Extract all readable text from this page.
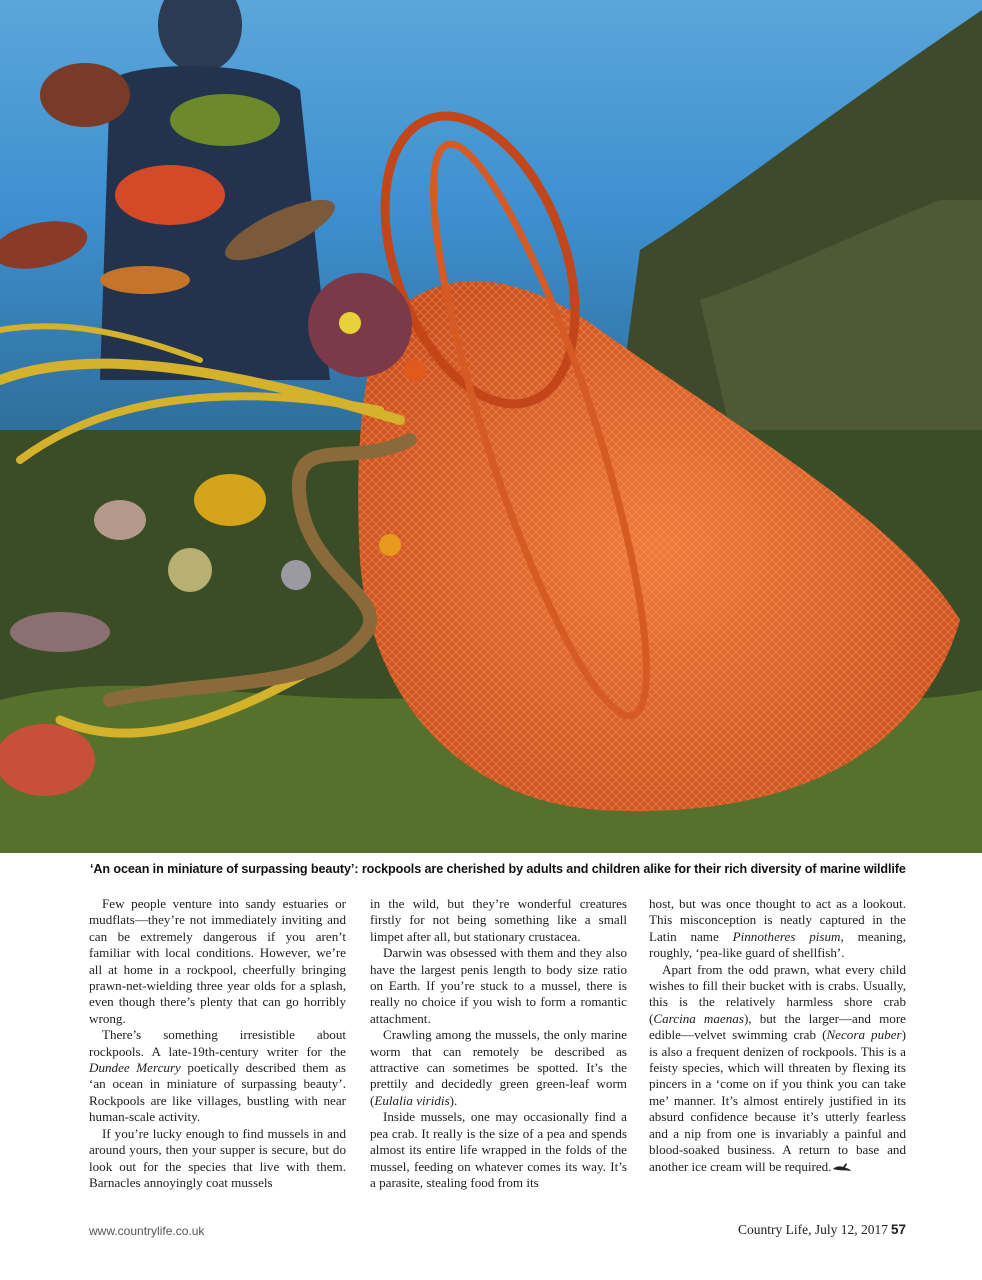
‘An ocean in miniature of surpassing beauty’: rockpools are cherished by adults and children alike for their rich diversity of marine wildlife

Few people venture into sandy estuaries or mudflats—they’re not immediately inviting and can be extremely dangerous if you aren’t familiar with local conditions. However, we’re all at home in a rockpool, cheerfully bringing prawn-net-wielding three year olds for a splash, even though there’s plenty that can go horribly wrong.

There’s something irresistible about rockpools. A late-19th-century writer for the Dundee Mercury poetically described them as ‘an ocean in miniature of surpassing beauty’. Rockpools are like villages, bustling with near human-scale activity.

If you’re lucky enough to find mussels in and around yours, then your supper is secure, but do look out for the species that live with them. Barnacles annoyingly coat mussels

in the wild, but they’re wonderful creatures firstly for not being something like a small limpet after all, but stationary crustacea.

Darwin was obsessed with them and they also have the largest penis length to body size ratio on Earth. If you’re stuck to a mussel, there is really no choice if you wish to form a romantic attachment.

Crawling among the mussels, the only marine worm that can remotely be described as attractive can sometimes be spotted. It’s the prettily and decidedly green green-leaf worm (Eulalia viridis).

Inside mussels, one may occasionally find a pea crab. It really is the size of a pea and spends almost its entire life wrapped in the folds of the mussel, feeding on whatever comes its way. It’s a parasite, stealing food from its

host, but was once thought to act as a lookout. This misconception is neatly captured in the Latin name Pinnotheres pisum, meaning, roughly, ‘pea-like guard of shellfish’.

Apart from the odd prawn, what every child wishes to fill their bucket with is crabs. Usually, this is the relatively harmless shore crab (Carcina maenas), but the larger—and more edible—velvet swimming crab (Necora puber) is also a frequent denizen of rockpools. This is a feisty species, which will threaten by flexing its pincers in a ‘come on if you think you can take me’ manner. It’s almost entirely justified in its absurd confidence because it’s utterly fearless and a nip from one is invariably a painful and blood-soaked business. A return to base and another ice cream will be required.

www.countrylife.co.uk	Country Life, July 12, 2017 57
